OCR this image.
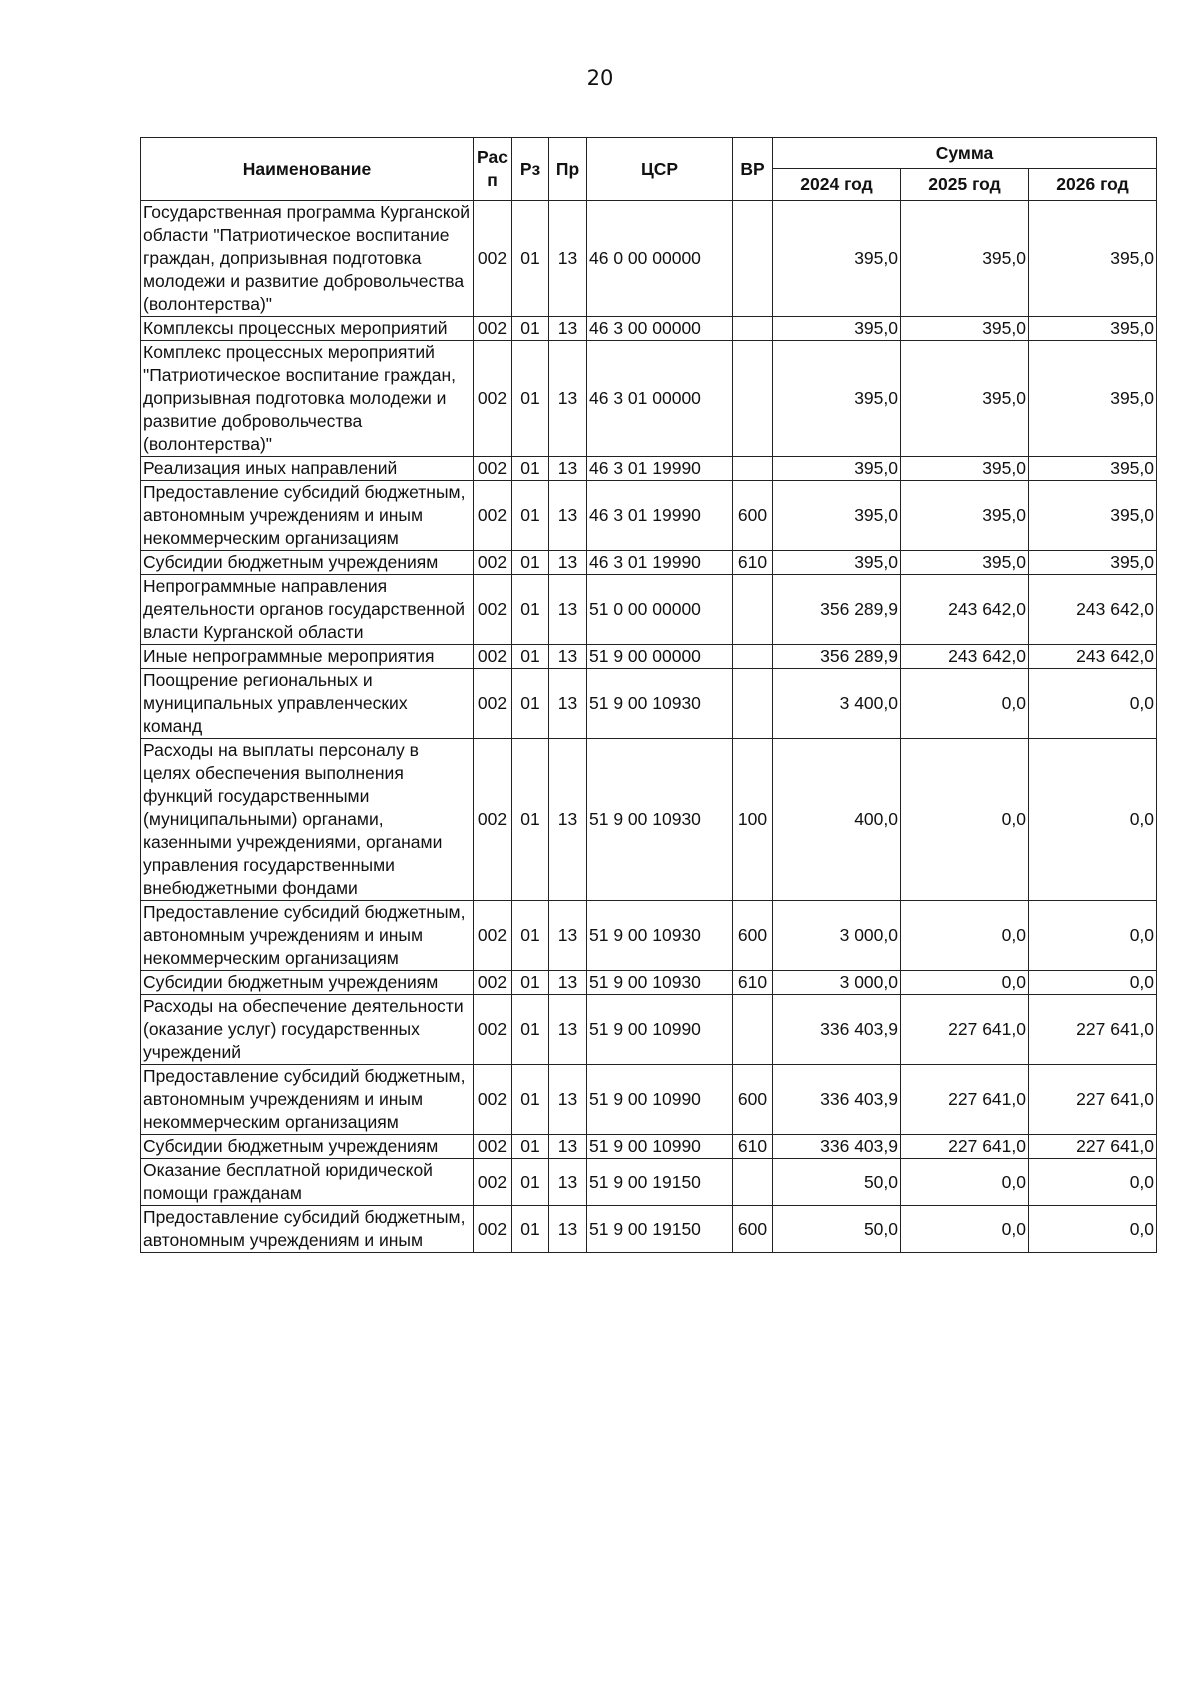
20
Наименование	Рас п	Рз	Пр	ЦСР	ВР	Сумма		
						2024 год	2025 год	2026 год
Государственная программа Курганской области "Патриотическое воспитание граждан, допризывная подготовка молодежи и развитие добровольчества (волонтерства)"	002	01	13	46 0 00 00000		395,0	395,0	395,0
Комплексы процессных мероприятий	002	01	13	46 3 00 00000		395,0	395,0	395,0
Комплекс процессных мероприятий "Патриотическое воспитание граждан, допризывная подготовка молодежи и развитие добровольчества (волонтерства)"	002	01	13	46 3 01 00000		395,0	395,0	395,0
Реализация иных направлений	002	01	13	46 3 01 19990		395,0	395,0	395,0
Предоставление субсидий бюджетным, автономным учреждениям и иным некоммерческим организациям	002	01	13	46 3 01 19990	600	395,0	395,0	395,0
Субсидии бюджетным учреждениям	002	01	13	46 3 01 19990	610	395,0	395,0	395,0
Непрограммные направления деятельности органов государственной власти Курганской области	002	01	13	51 0 00 00000		356 289,9	243 642,0	243 642,0
Иные непрограммные мероприятия	002	01	13	51 9 00 00000		356 289,9	243 642,0	243 642,0
Поощрение региональных и муниципальных управленческих команд	002	01	13	51 9 00 10930		3 400,0	0,0	0,0
Расходы на выплаты персоналу в целях обеспечения выполнения функций государственными (муниципальными) органами, казенными учреждениями, органами управления государственными внебюджетными фондами	002	01	13	51 9 00 10930	100	400,0	0,0	0,0
Предоставление субсидий бюджетным, автономным учреждениям и иным некоммерческим организациям	002	01	13	51 9 00 10930	600	3 000,0	0,0	0,0
Субсидии бюджетным учреждениям	002	01	13	51 9 00 10930	610	3 000,0	0,0	0,0
Расходы на обеспечение деятельности (оказание услуг) государственных учреждений	002	01	13	51 9 00 10990		336 403,9	227 641,0	227 641,0
Предоставление субсидий бюджетным, автономным учреждениям и иным некоммерческим организациям	002	01	13	51 9 00 10990	600	336 403,9	227 641,0	227 641,0
Субсидии бюджетным учреждениям	002	01	13	51 9 00 10990	610	336 403,9	227 641,0	227 641,0
Оказание бесплатной юридической помощи гражданам	002	01	13	51 9 00 19150		50,0	0,0	0,0
Предоставление субсидий бюджетным, автономным учреждениям и иным	002	01	13	51 9 00 19150	600	50,0	0,0	0,0
